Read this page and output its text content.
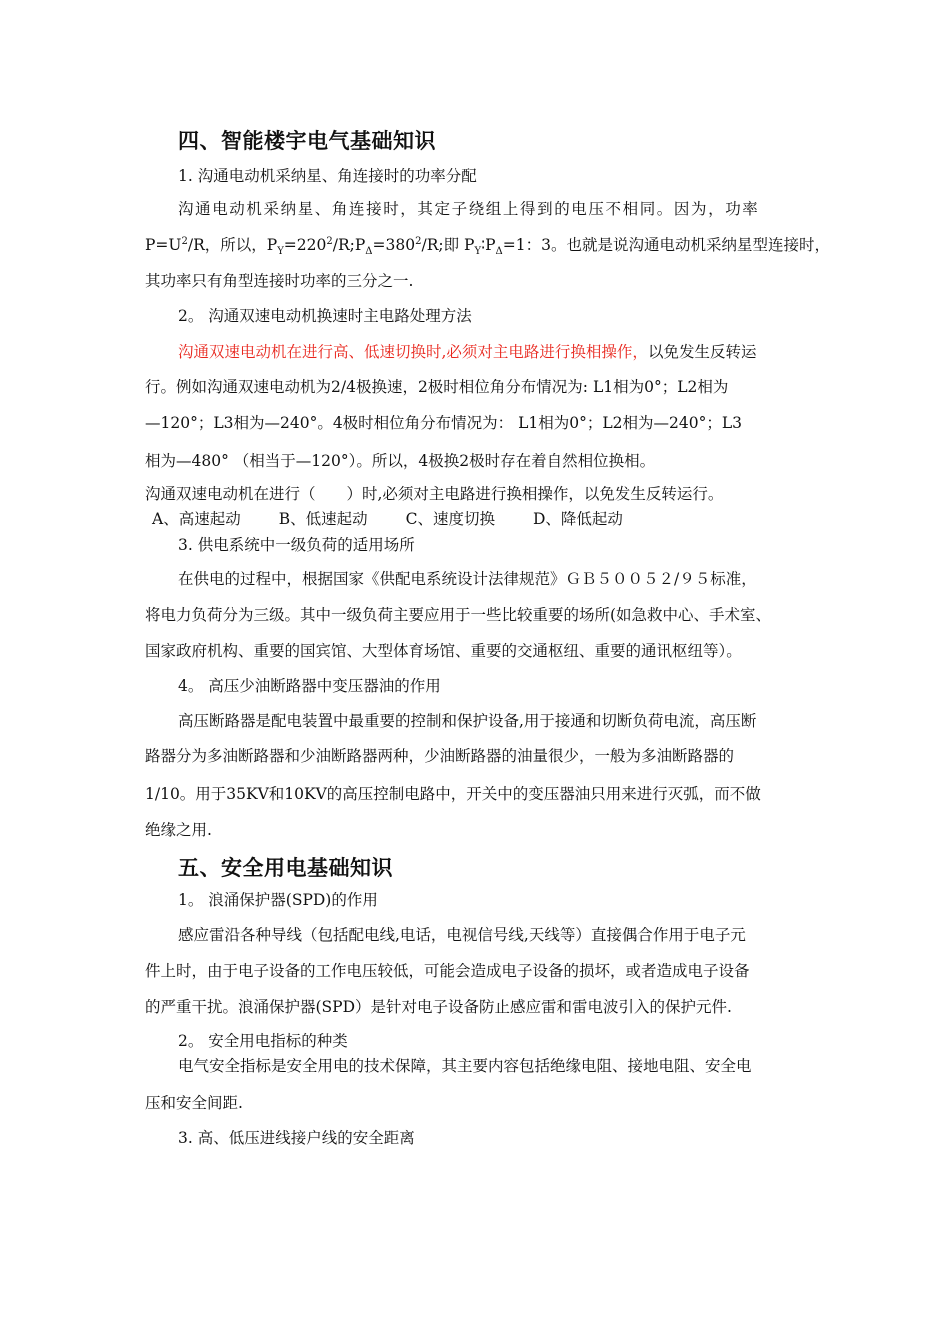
四、智能楼宇电气基础知识
1. 沟通电动机采纳星、角连接时的功率分配
沟通电动机采纳星、角连接时，其定子绕组上得到的电压不相同。因为，功率
$P=U^2/R$，所以，$P_Y=220^2/R;P_\Delta=380^2/R$;即 $P_Y∶P_\Delta=1$：3。也就是说沟通电动机采纳星型连接时，
其功率只有角型连接时功率的三分之一.
2。 沟通双速电动机换速时主电路处理方法
沟通双速电动机在进行高、低速切换时,必须对主电路进行换相操作，以免发生反转运
行。例如沟通双速电动机为2/4极换速，2极时相位角分布情况为: L1相为0°；L2相为
—120°；L3相为—240°。4极时相位角分布情况为： L1相为0°；L2相为—240°；L3
相为—480° （相当于—120°）。所以，4极换2极时存在着自然相位换相。
沟通双速电动机在进行（　　）时,必须对主电路进行换相操作，以免发生反转运行。
A、高速起动 B、低速起动 C、速度切换 D、降低起动
3. 供电系统中一级负荷的适用场所
在供电的过程中，根据国家《供配电系统设计法律规范》ＧＢ５００５２/９５标准，
将电力负荷分为三级。其中一级负荷主要应用于一些比较重要的场所(如急救中心、手术室、
国家政府机构、重要的国宾馆、大型体育场馆、重要的交通枢纽、重要的通讯枢纽等）。
4。 高压少油断路器中变压器油的作用
高压断路器是配电装置中最重要的控制和保护设备,用于接通和切断负荷电流，高压断
路器分为多油断路器和少油断路器两种，少油断路器的油量很少，一般为多油断路器的
1/10。用于35KV和10KV的高压控制电路中，开关中的变压器油只用来进行灭弧，而不做
绝缘之用.
五、安全用电基础知识
1。 浪涌保护器(SPD)的作用
感应雷沿各种导线（包括配电线,电话，电视信号线,天线等）直接偶合作用于电子元
件上时，由于电子设备的工作电压较低，可能会造成电子设备的损坏，或者造成电子设备
的严重干扰。浪涌保护器(SPD）是针对电子设备防止感应雷和雷电波引入的保护元件.
2。 安全用电指标的种类
电气安全指标是安全用电的技术保障，其主要内容包括绝缘电阻、接地电阻、安全电
压和安全间距.
3. 高、低压进线接户线的安全距离
